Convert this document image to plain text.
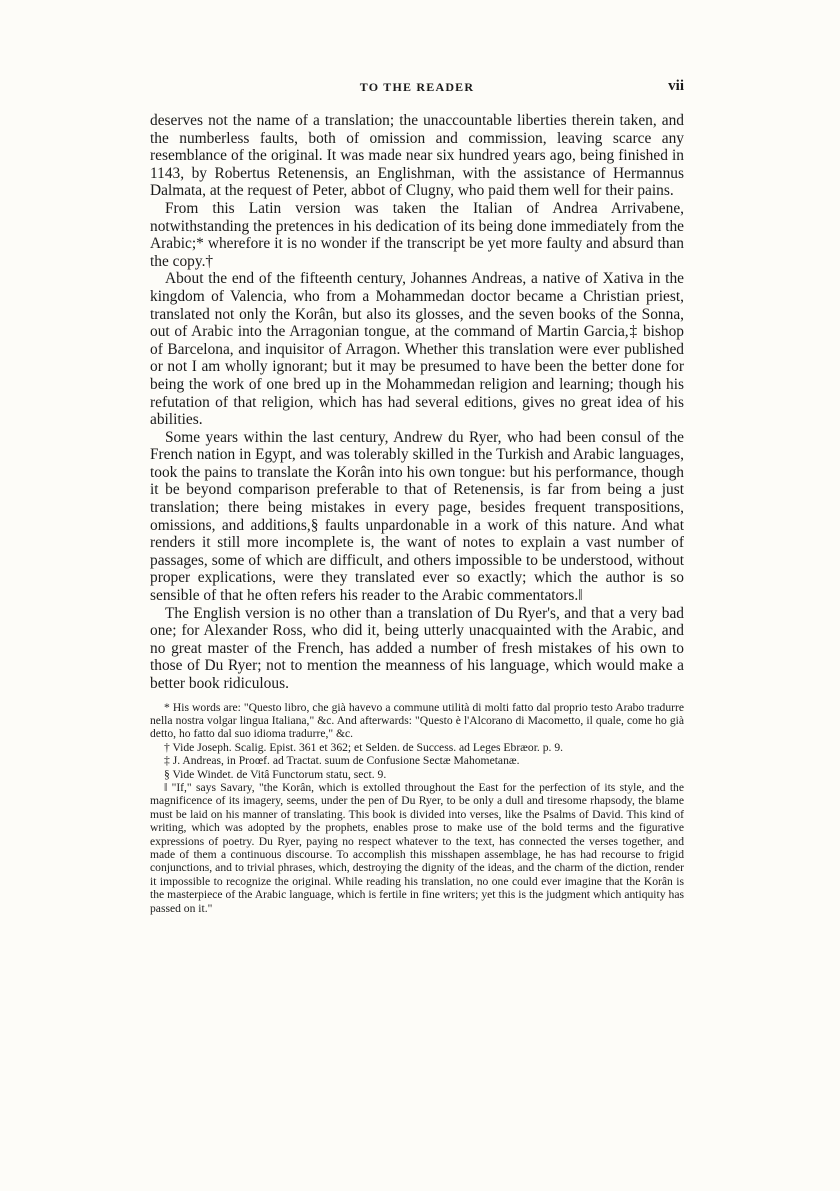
TO THE READER	vii

deserves not the name of a translation; the unaccountable liberties therein taken, and the numberless faults, both of omission and commission, leaving scarce any resemblance of the original. It was made near six hundred years ago, being finished in 1143, by Robertus Retenensis, an Englishman, with the assistance of Hermannus Dalmata, at the request of Peter, abbot of Clugny, who paid them well for their pains.

From this Latin version was taken the Italian of Andrea Arrivabene, notwithstanding the pretences in his dedication of its being done immediately from the Arabic;* wherefore it is no wonder if the transcript be yet more faulty and absurd than the copy.†

About the end of the fifteenth century, Johannes Andreas, a native of Xativa in the kingdom of Valencia, who from a Mohammedan doctor became a Christian priest, translated not only the Korân, but also its glosses, and the seven books of the Sonna, out of Arabic into the Arragonian tongue, at the command of Martin Garcia,‡ bishop of Barcelona, and inquisitor of Arragon. Whether this translation were ever published or not I am wholly ignorant; but it may be presumed to have been the better done for being the work of one bred up in the Mohammedan religion and learning; though his refutation of that religion, which has had several editions, gives no great idea of his abilities.

Some years within the last century, Andrew du Ryer, who had been consul of the French nation in Egypt, and was tolerably skilled in the Turkish and Arabic languages, took the pains to translate the Korân into his own tongue: but his performance, though it be beyond comparison preferable to that of Retenensis, is far from being a just translation; there being mistakes in every page, besides frequent transpositions, omissions, and additions,§ faults unpardonable in a work of this nature. And what renders it still more incomplete is, the want of notes to explain a vast number of passages, some of which are difficult, and others impossible to be understood, without proper explications, were they translated ever so exactly; which the author is so sensible of that he often refers his reader to the Arabic commentators.‖

The English version is no other than a translation of Du Ryer's, and that a very bad one; for Alexander Ross, who did it, being utterly unacquainted with the Arabic, and no great master of the French, has added a number of fresh mistakes of his own to those of Du Ryer; not to mention the meanness of his language, which would make a better book ridiculous.

* His words are: "Questo libro, che già havevo a commune utilità di molti fatto dal proprio testo Arabo tradurre nella nostra volgar lingua Italiana," &c. And afterwards: "Questo è l'Alcorano di Macometto, il quale, come ho già detto, ho fatto dal suo idioma tradurre," &c.

† Vide Joseph. Scalig. Epist. 361 et 362; et Selden. de Success. ad Leges Ebræor. p. 9.

‡ J. Andreas, in Proœf. ad Tractat. suum de Confusione Sectæ Mahometanæ.

§ Vide Windet. de Vitâ Functorum statu, sect. 9.

‖ "If," says Savary, "the Korân, which is extolled throughout the East for the perfection of its style, and the magnificence of its imagery, seems, under the pen of Du Ryer, to be only a dull and tiresome rhapsody, the blame must be laid on his manner of translating. This book is divided into verses, like the Psalms of David. This kind of writing, which was adopted by the prophets, enables prose to make use of the bold terms and the figurative expressions of poetry. Du Ryer, paying no respect whatever to the text, has connected the verses together, and made of them a continuous discourse. To accomplish this misshapen assemblage, he has had recourse to frigid conjunctions, and to trivial phrases, which, destroying the dignity of the ideas, and the charm of the diction, render it impossible to recognize the original. While reading his translation, no one could ever imagine that the Korân is the masterpiece of the Arabic language, which is fertile in fine writers; yet this is the judgment which antiquity has passed on it."
